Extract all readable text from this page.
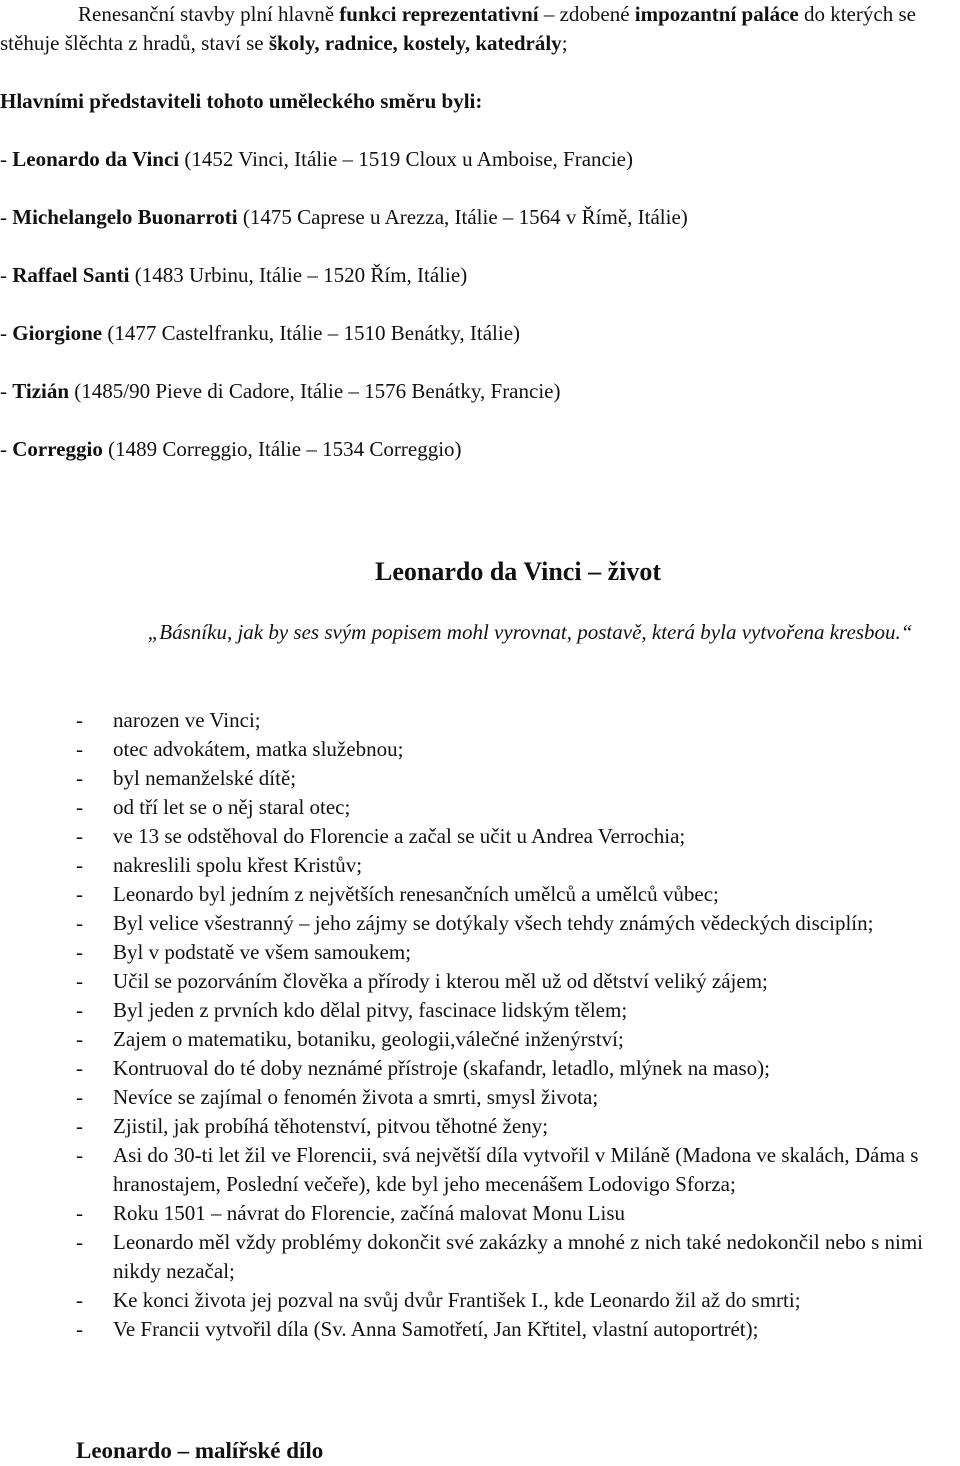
Renesanční stavby plní hlavně funkci reprezentativní – zdobené impozantní paláce do kterých se stěhuje šlěchta z hradů, staví se školy, radnice, kostely, katedrály;

Hlavními představiteli tohoto uměleckého směru byli:

- Leonardo da Vinci (1452 Vinci, Itálie – 1519 Cloux u Amboise, Francie)

- Michelangelo Buonarroti (1475 Caprese u Arezza, Itálie – 1564 v Římě, Itálie)

- Raffael Santi (1483 Urbinu, Itálie – 1520 Řím, Itálie)

- Giorgione (1477 Castelfranku, Itálie – 1510 Benátky, Itálie)

- Tizián (1485/90 Pieve di Cadore, Itálie – 1576 Benátky, Francie)

- Correggio (1489 Correggio, Itálie – 1534 Correggio)

Leonardo da Vinci – život
„Básníku, jak by ses svým popisem mohl vyrovnat, postavě, která byla vytvořena kresbou.“
- narozen ve Vinci;
- otec advokátem, matka služebnou;
- byl nemanželské dítě;
- od tří let se o něj staral otec;
- ve 13 se odstěhoval do Florencie a začal se učit u Andrea Verrochia;
- nakreslili spolu křest Kristův;
- Leonardo byl jedním z největších renesančních umělců a umělců vůbec;
- Byl velice všestranný – jeho zájmy se dotýkaly všech tehdy známých vědeckých disciplín;
- Byl v podstatě ve všem samoukem;
- Učil se pozorváním člověka a přírody i kterou měl už od dětství veliký zájem;
- Byl jeden z prvních kdo dělal pitvy, fascinace lidským tělem;
- Zajem o matematiku, botaniku, geologii,válečné inženýrství;
- Kontruoval do té doby neznámé přístroje (skafandr, letadlo, mlýnek na maso);
- Nevíce se zajímal o fenomén života a smrti, smysl života;
- Zjistil, jak probíhá těhotenství, pitvou těhotné ženy;
- Asi do 30-ti let žil ve Florencii, svá největší díla vytvořil v Miláně (Madona ve skalách, Dáma s hranostajem, Poslední večeře), kde byl jeho mecenášem Lodovigo Sforza;
- Roku 1501 – návrat do Florencie, začíná malovat Monu Lisu
- Leonardo měl vždy problémy dokončit své zakázky a mnohé z nich také nedokončil nebo s nimi nikdy nezačal;
- Ke konci života jej pozval na svůj dvůr František I., kde Leonardo žil až do smrti;
- Ve Francii vytvořil díla (Sv. Anna Samotřetí, Jan Křtitel, vlastní autoportrét);
Leonardo – malířské dílo
